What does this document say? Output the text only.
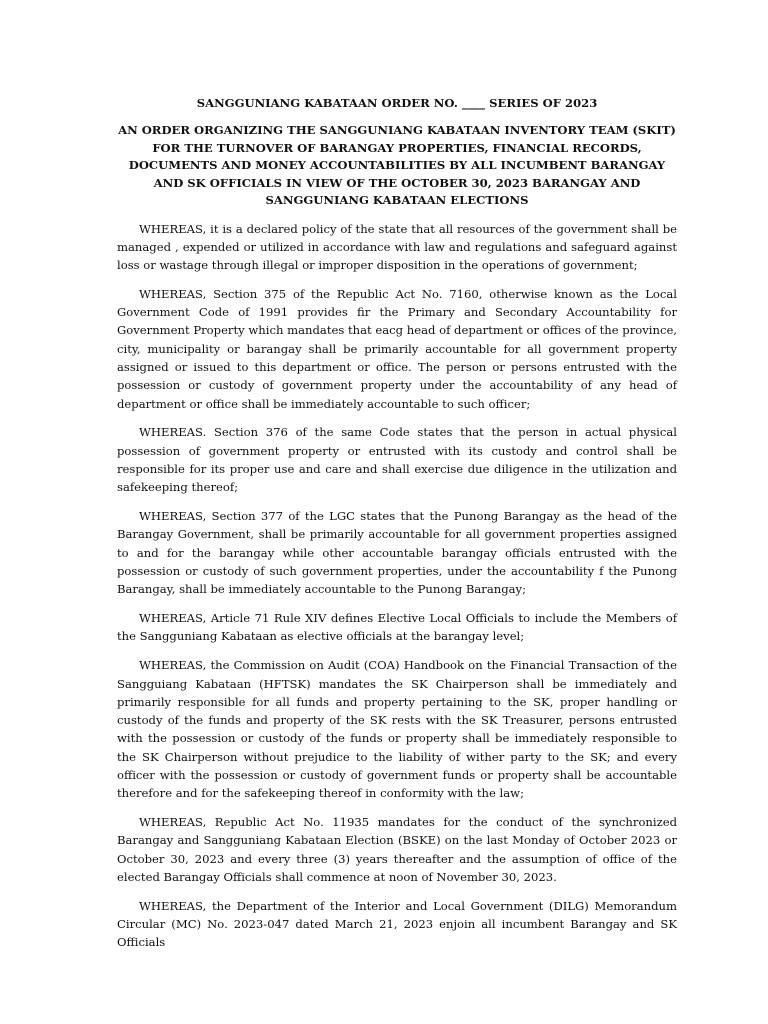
SANGGUNIANG KABATAAN ORDER NO. ____ SERIES OF 2023

AN ORDER ORGANIZING THE SANGGUNIANG KABATAAN INVENTORY TEAM (SKIT) FOR THE TURNOVER OF BARANGAY PROPERTIES, FINANCIAL RECORDS, DOCUMENTS AND MONEY ACCOUNTABILITIES BY ALL INCUMBENT BARANGAY AND SK OFFICIALS IN VIEW OF THE OCTOBER 30, 2023 BARANGAY AND SANGGUNIANG KABATAAN ELECTIONS

WHEREAS, it is a declared policy of the state that all resources of the government shall be managed , expended or utilized in accordance with law and regulations and safeguard against loss or wastage through illegal or improper disposition in the operations of government;

WHEREAS, Section 375 of the Republic Act No. 7160, otherwise known as the Local Government Code of 1991 provides fir the Primary and Secondary Accountability for Government Property which mandates that eacg head of department or offices of the province, city, municipality or barangay shall be primarily accountable for all government property assigned or issued to this department or office. The person or persons entrusted with the possession or custody of government property under the accountability of any head of department or office shall be immediately accountable to such officer;

WHEREAS. Section 376 of the same Code states that the person in actual physical possession of government property or entrusted with its custody and control shall be responsible for its proper use and care and shall exercise due diligence in the utilization and safekeeping thereof;

WHEREAS, Section 377 of the LGC states that the Punong Barangay as the head of the Barangay Government, shall be primarily accountable for all government properties assigned to and for the barangay while other accountable barangay officials entrusted with the possession or custody of such government properties, under the accountability f the Punong Barangay, shall be immediately accountable to the Punong Barangay;

WHEREAS, Article 71 Rule XIV defines Elective Local Officials to include the Members of the Sangguniang Kabataan as elective officials at the barangay level;

WHEREAS, the Commission on Audit (COA) Handbook on the Financial Transaction of the Sangguiang Kabataan (HFTSK) mandates the SK Chairperson shall be immediately and primarily responsible for all funds and property pertaining to the SK, proper handling or custody of the funds and property of the SK rests with the SK Treasurer, persons entrusted with the possession or custody of the funds or property shall be immediately responsible to the SK Chairperson without prejudice to the liability of wither party to the SK; and every officer with the possession or custody of government funds or property shall be accountable therefore and for the safekeeping thereof in conformity with the law;

WHEREAS, Republic Act No. 11935 mandates for the conduct of the synchronized Barangay and Sangguniang Kabataan Election (BSKE) on the last Monday of October 2023 or October 30, 2023 and every three (3) years thereafter and the assumption of office of the elected Barangay Officials shall commence at noon of November 30, 2023.

WHEREAS, the Department of the Interior and Local Government (DILG) Memorandum Circular (MC) No. 2023-047 dated March 21, 2023 enjoin all incumbent Barangay and SK Officials
